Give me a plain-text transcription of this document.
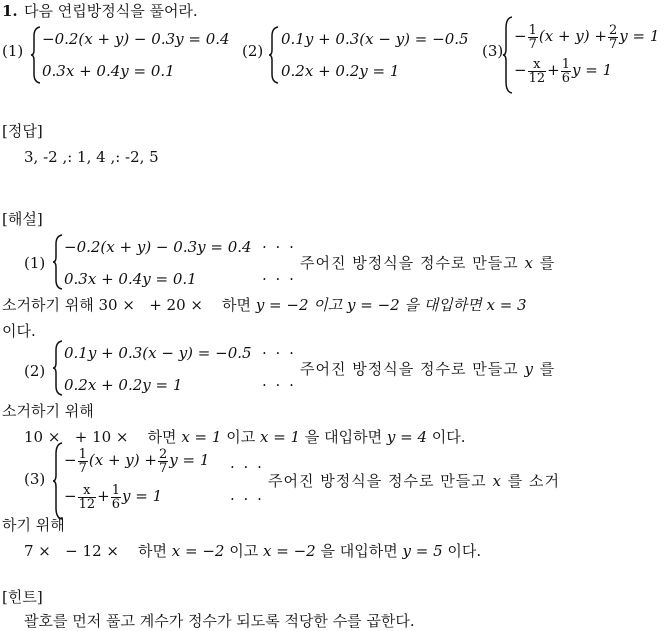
1. 다음 연립방정식을 풀어라.
(1)
−0.2(x + y) − 0.3y = 0.4
0.3x + 0.4y = 0.1
(2)
0.1y + 0.3(x − y) = −0.5
0.2x + 0.2y = 1
(3)
− $\frac{1}{7} (x + y) + \frac{2}{7}$ y = 1
− $\frac{x}{12} + \frac{1}{6}$ y = 1
[정답]
3, -2 ,: 1, 4 ,: -2, 5
[해설]
(1)
−0.2(x + y) − 0.3y = 0.4
0.3x + 0.4y = 0.1
· · ·
· · ·
주어진 방정식을 정수로 만들고 x 를
소거하기 위해 30 ×   + 20 ×    하면 y = −2 이고 y = −2 을 대입하면 x = 3
이다.
(2)
0.1y + 0.3(x − y) = −0.5
0.2x + 0.2y = 1
· · ·
· · ·
주어진 방정식을 정수로 만들고 y 를
소거하기 위해
10 ×   + 10 ×    하면 x = 1 이고 x = 1 을 대입하면 y = 4 이다.
(3)
− $\frac{1}{7} (x + y) + \frac{2}{7}$ y = 1
− $\frac{x}{12} + \frac{1}{6}$ y = 1
· · ·
· · ·
주어진 방정식을 정수로 만들고 x 를 소거
하기 위해
7 ×   − 12 ×    하면 x = −2 이고 x = −2 을 대입하면 y = 5 이다.
[힌트]
괄호를 먼저 풀고 계수가 정수가 되도록 적당한 수를 곱한다.
